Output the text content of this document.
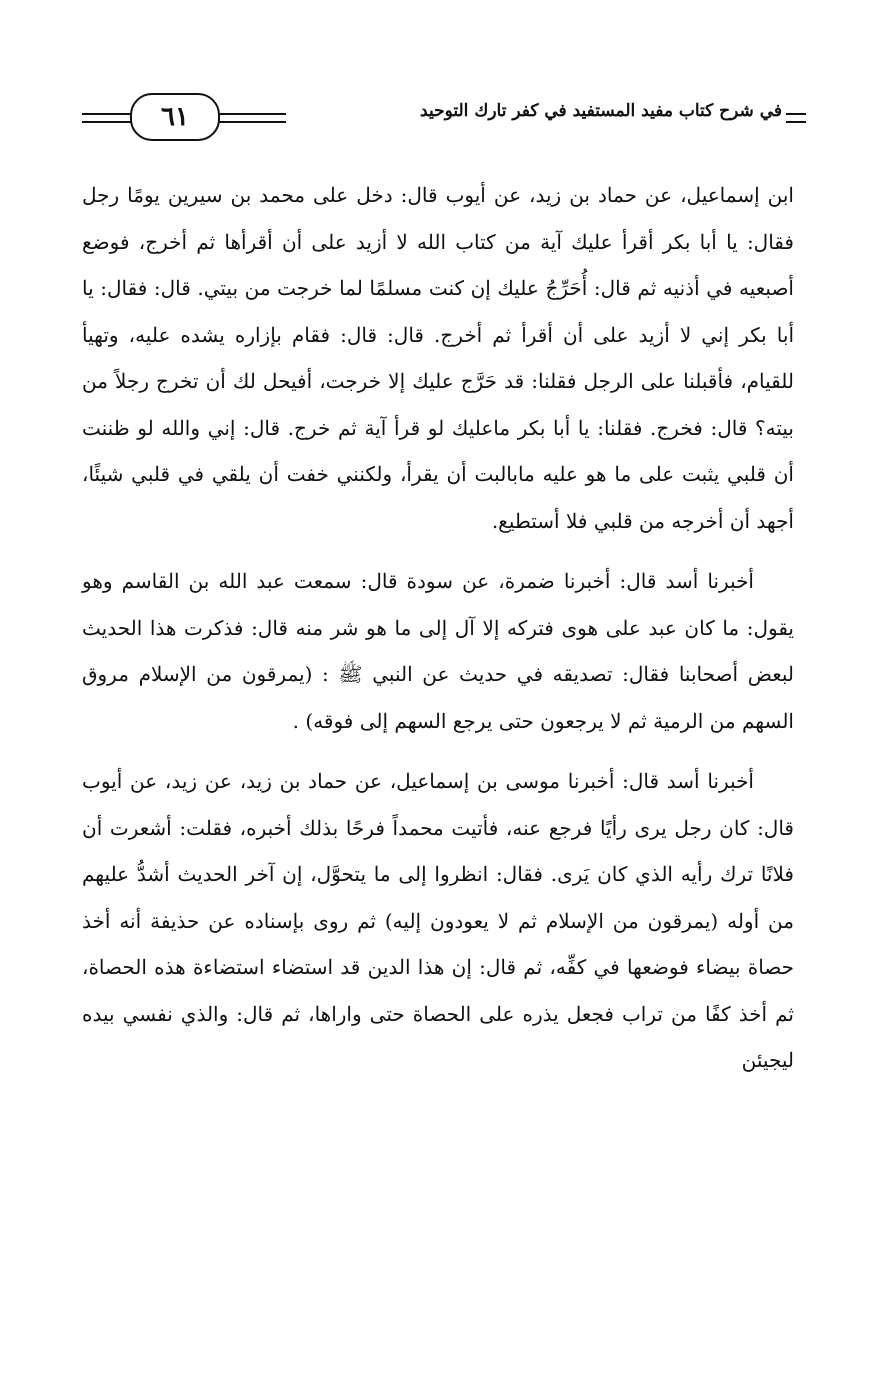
٦١	في شرح كتاب مفيد المستفيد في كفر تارك التوحيد

ابن إسماعيل، عن حماد بن زيد، عن أيوب قال: دخل على محمد بن سيرين يومًا رجل فقال: يا أبا بكر أقرأ عليك آية من كتاب الله لا أزيد على أن أقرأها ثم أخرج، فوضع أصبعيه في أذنيه ثم قال: أُحَرِّجُ عليك إن كنت مسلمًا لما خرجت من بيتي. قال: فقال: يا أبا بكر إني لا أزيد على أن أقرأ ثم أخرج. قال: قال: فقام بإزاره يشده عليه، وتهيأ للقيام، فأقبلنا على الرجل فقلنا: قد حَرَّج عليك إلا خرجت، أفيحل لك أن تخرج رجلاً من بيته؟ قال: فخرج. فقلنا: يا أبا بكر ماعليك لو قرأ آية ثم خرج. قال: إني والله لو ظننت أن قلبي يثبت على ما هو عليه مابالبت أن يقرأ، ولكنني خفت أن يلقي في قلبي شيئًا، أجهد أن أخرجه من قلبي فلا أستطيع.

أخبرنا أسد قال: أخبرنا ضمرة، عن سودة قال: سمعت عبد الله بن القاسم وهو يقول: ما كان عبد على هوى فتركه إلا آل إلى ما هو شر منه قال: فذكرت هذا الحديث لبعض أصحابنا فقال: تصديقه في حديث عن النبي ﷺ : (يمرقون من الإسلام مروق السهم من الرمية ثم لا يرجعون حتى يرجع السهم إلى فوقه) .

أخبرنا أسد قال: أخبرنا موسى بن إسماعيل، عن حماد بن زيد، عن زيد، عن أيوب قال: كان رجل يرى رأيًا فرجع عنه، فأتيت محمداً فرحًا بذلك أخبره، فقلت: أشعرت أن فلانًا ترك رأيه الذي كان يَرى. فقال: انظروا إلى ما يتحوَّل، إن آخر الحديث أشدُّ عليهم من أوله (يمرقون من الإسلام ثم لا يعودون إليه) ثم روى بإسناده عن حذيفة أنه أخذ حصاة بيضاء فوضعها في كفِّه، ثم قال: إن هذا الدين قد استضاء استضاءة هذه الحصاة، ثم أخذ كفًا من تراب فجعل يذره على الحصاة حتى واراها، ثم قال: والذي نفسي بيده ليجيئن
